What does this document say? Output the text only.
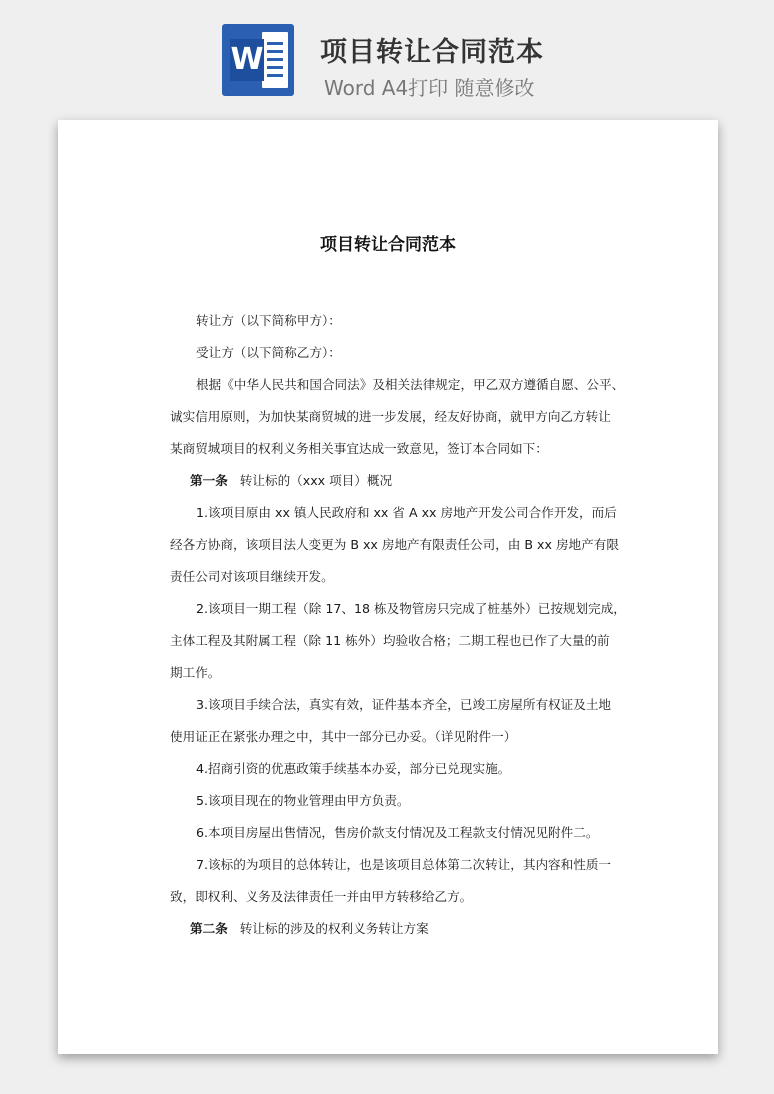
W 项目转让合同范本
Word A4打印 随意修改
项目转让合同范本
转让方（以下简称甲方）：
受让方（以下简称乙方）：
根据《中华人民共和国合同法》及相关法律规定，甲乙双方遵循自愿、公平、
诚实信用原则，为加快某商贸城的进一步发展，经友好协商，就甲方向乙方转让
某商贸城项目的权利义务相关事宜达成一致意见，签订本合同如下：
第一条 转让标的（xxx 项目）概况
1.该项目原由 xx 镇人民政府和 xx 省 A xx 房地产开发公司合作开发，而后
经各方协商，该项目法人变更为 B xx 房地产有限责任公司，由 B xx 房地产有限
责任公司对该项目继续开发。
2.该项目一期工程（除 17、18 栋及物管房只完成了桩基外）已按规划完成，
主体工程及其附属工程（除 11 栋外）均验收合格；二期工程也已作了大量的前
期工作。
3.该项目手续合法，真实有效，证件基本齐全，已竣工房屋所有权证及土地
使用证正在紧张办理之中，其中一部分已办妥。（详见附件一）
4.招商引资的优惠政策手续基本办妥，部分已兑现实施。
5.该项目现在的物业管理由甲方负责。
6.本项目房屋出售情况，售房价款支付情况及工程款支付情况见附件二。
7.该标的为项目的总体转让，也是该项目总体第二次转让，其内容和性质一
致，即权利、义务及法律责任一并由甲方转移给乙方。
第二条 转让标的涉及的权利义务转让方案
